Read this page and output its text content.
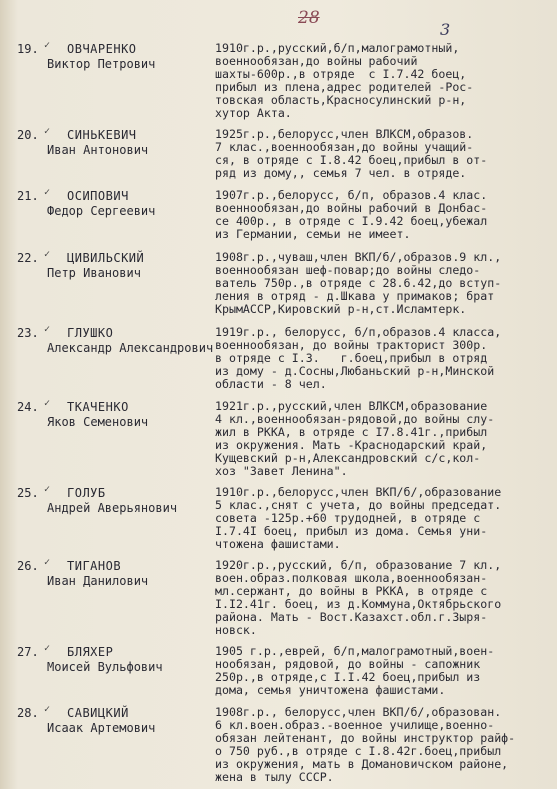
28
3
19. ✓ ОВЧАРЕНКО
Виктор Петрович
1910г.р.,русский,б/п,малограмотный,
военнообязан,до войны рабочий
шахты-600р.,в отряде  с I.7.42 боец,
прибыл из плена,адрес родителей -Рос-
товская область,Красносулинский р-н,
хутор Акта.
20. ✓ СИНЬКЕВИЧ
Иван Антонович
1925г.р.,белорусс,член ВЛКСМ,образов.
7 клас.,военнообязан,до войны учащий-
ся, в отряде с I.8.42 боец,прибыл в от-
ряд из дому,, семья 7 чел. в отряде.
21. ✓ ОСИПОВИЧ
Федор Сергеевич
1907г.р.,белорусс, б/п, образов.4 клас.
военнообязан,до войны рабочий в Донбас-
се 400р., в отряде с I.9.42 боец,убежал
из Германии, семьи не имеет.
22. ✓ ЦИВИЛЬСКИЙ
Петр Иванович
1908г.р.,чуваш,член ВКП/б/,образов.9 кл.,
военнообязан шеф-повар;до войны следо-
ватель 750р.,в отряде с 28.6.42,до вступ-
ления в отряд - д.Шкава у примаков; брат
КрымАССР,Кировский р-н,ст.Исламтерк.
23. ✓ ГЛУШКО
Александр Александрович
1919г.р., белорусс, б/п,образов.4 класса,
военнообязан, до войны тракторист 300р.
в отряде с I.3.   г.боец,прибыл в отряд
из дому - д.Сосны,Любаньский р-н,Минской
области - 8 чел.
24. ✓ ТКАЧЕНКО
Яков Семенович
1921г.р.,русский,член ВЛКСМ,образование
4 кл.,военнообязан-рядовой,до войны слу-
жил в РККА, в отряде с I7.8.41г.,прибыл
из окружения. Мать -Краснодарский край,
Кущевский р-н,Александровский с/с,кол-
хоз "Завет Ленина".
25. ✓ ГОЛУБ
Андрей Аверьянович
1910г.р.,белорусс,член ВКП/б/,образование
5 клас.,снят с учета, до войны председат.
совета -125р.+60 трудодней, в отряде с
I.7.4I боец, прибыл из дома. Семья уни-
чтожена фашистами.
26. ✓ ТИГАНОВ
Иван Данилович
1920г.р.,русский, б/п, образование 7 кл.,
воен.образ.полковая школа,военнообязан-
мл.сержант, до войны в РККА, в отряде с
I.I2.41г. боец, из д.Коммуна,Октябрьского
района. Мать - Вост.Казахст.обл.г.Зыря-
новск.
27. ✓ БЛЯХЕР
Моисей Вульфович
1905 г.р.,еврей, б/п,малограмотный,воен-
нообязан, рядовой, до войны - сапожник
250р.,в отряде,с I.I.42 боец,прибыл из
дома, семья уничтожена фашистами.
28. ✓ САВИЦКИЙ
Исаак Артемович
1908г.р., белорусс,член ВКП/б/,образован.
6 кл.воен.образ.-военное училище,военно-
обязан лейтенант, до войны инструктор райф-
о 750 руб.,в отряде с I.8.42г.боец,прибыл
из окружения, мать в Домановичском районе,
жена в тылу СССР.
